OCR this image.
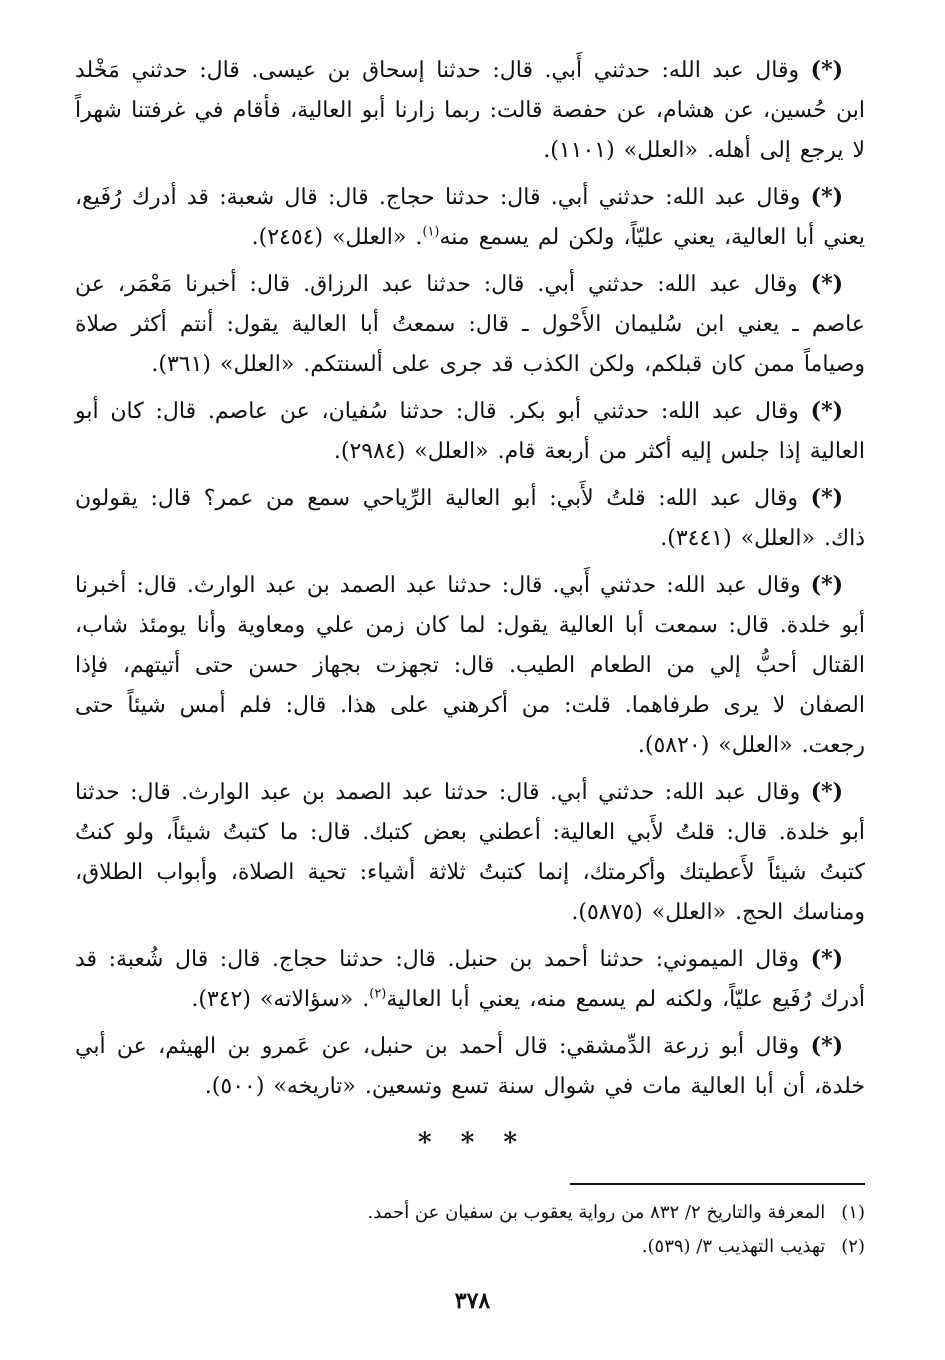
(*) وقال عبد الله: حدثني أَبي. قال: حدثنا إسحاق بن عيسى. قال: حدثني مَخْلد ابن حُسين، عن هشام، عن حفصة قالت: ربما زارنا أبو العالية، فأقام في غرفتنا شهراً لا يرجع إلى أهله. «العلل» (١١٠١).

(*) وقال عبد الله: حدثني أبي. قال: حدثنا حجاج. قال: قال شعبة: قد أدرك رُفَيع، يعني أبا العالية، يعني عليّاً، ولكن لم يسمع منه$^{(١)}$. «العلل» (٢٤٥٤).

(*) وقال عبد الله: حدثني أبي. قال: حدثنا عبد الرزاق. قال: أخبرنا مَعْمَر، عن عاصم ـ يعني ابن سُليمان الأَحْول ـ قال: سمعتُ أبا العالية يقول: أنتم أكثر صلاة وصياماً ممن كان قبلكم، ولكن الكذب قد جرى على ألسنتكم. «العلل» (٣٦١).

(*) وقال عبد الله: حدثني أبو بكر. قال: حدثنا سُفيان، عن عاصم. قال: كان أبو العالية إذا جلس إليه أكثر من أربعة قام. «العلل» (٢٩٨٤).

(*) وقال عبد الله: قلتُ لأَبي: أبو العالية الرِّياحي سمع من عمر؟ قال: يقولون ذاك. «العلل» (٣٤٤١).

(*) وقال عبد الله: حدثني أَبي. قال: حدثنا عبد الصمد بن عبد الوارث. قال: أخبرنا أبو خلدة. قال: سمعت أبا العالية يقول: لما كان زمن علي ومعاوية وأنا يومئذ شاب، القتال أحبُّ إلي من الطعام الطيب. قال: تجهزت بجهاز حسن حتى أتيتهم، فإذا الصفان لا يرى طرفاهما. قلت: من أكرهني على هذا. قال: فلم أمس شيئاً حتى رجعت. «العلل» (٥٨٢٠).

(*) وقال عبد الله: حدثني أبي. قال: حدثنا عبد الصمد بن عبد الوارث. قال: حدثنا أبو خلدة. قال: قلتُ لأَبي العالية: أعطني بعض كتبك. قال: ما كتبتُ شيئاً، ولو كنتُ كتبتُ شيئاً لأَعطيتك وأكرمتك، إنما كتبتُ ثلاثة أشياء: تحية الصلاة، وأبواب الطلاق، ومناسك الحج. «العلل» (٥٨٧٥).

(*) وقال الميموني: حدثنا أحمد بن حنبل. قال: حدثنا حجاج. قال: قال شُعبة: قد أدرك رُفَيع عليّاً، ولكنه لم يسمع منه، يعني أبا العالية$^{(٢)}$. «سؤالاته» (٣٤٢).

(*) وقال أبو زرعة الدِّمشقي: قال أحمد بن حنبل، عن عَمرو بن الهيثم، عن أبي خلدة، أن أبا العالية مات في شوال سنة تسع وتسعين. «تاريخه» (٥٠٠).

* * *

(١) المعرفة والتاريخ ٢/ ٨٣٢ من رواية يعقوب بن سفيان عن أحمد.

(٢) تهذيب التهذيب ٣/ (٥٣٩).

٣٧٨
